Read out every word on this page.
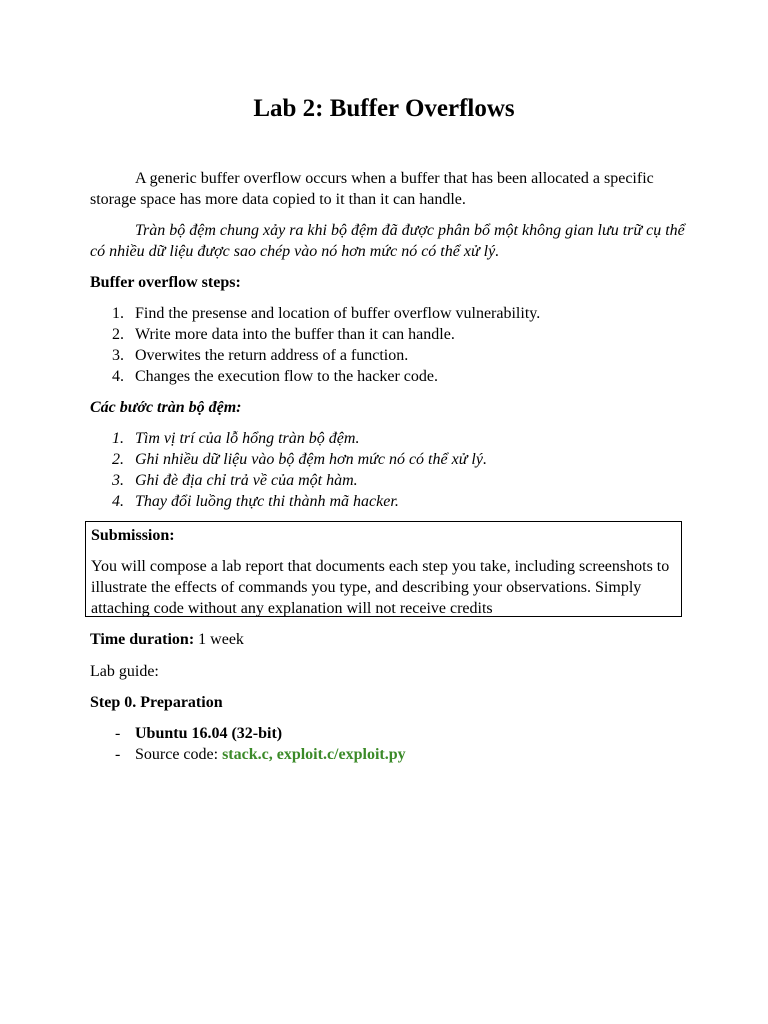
Lab 2: Buffer Overflows
A generic buffer overflow occurs when a buffer that has been allocated a specific storage space has more data copied to it than it can handle.
Tràn bộ đệm chung xảy ra khi bộ đệm đã được phân bổ một không gian lưu trữ cụ thể có nhiều dữ liệu được sao chép vào nó hơn mức nó có thể xử lý.
Buffer overflow steps:
1. Find the presense and location of buffer overflow vulnerability.
2. Write more data into the buffer than it can handle.
3. Overwites the return address of a function.
4. Changes the execution flow to the hacker code.
Các bước tràn bộ đệm:
1. Tìm vị trí của lỗ hổng tràn bộ đệm.
2. Ghi nhiều dữ liệu vào bộ đệm hơn mức nó có thể xử lý.
3. Ghi đè địa chỉ trả về của một hàm.
4. Thay đổi luồng thực thi thành mã hacker.
Submission:
You will compose a lab report that documents each step you take, including screenshots to illustrate the effects of commands you type, and describing your observations. Simply attaching code without any explanation will not receive credits
Time duration: 1 week
Lab guide:
Step 0. Preparation
- Ubuntu 16.04 (32-bit)
- Source code: stack.c, exploit.c/exploit.py
